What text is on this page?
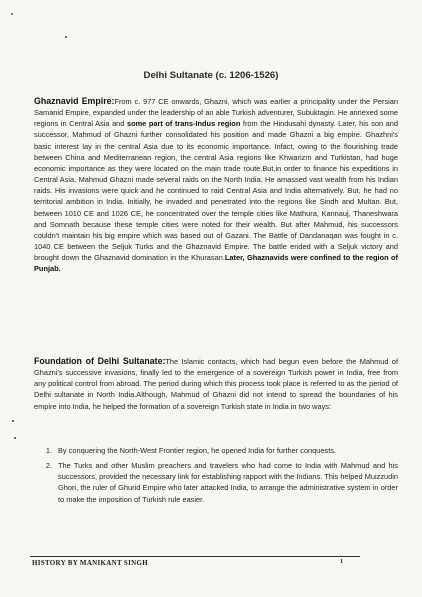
Delhi Sultanate (c. 1206-1526)
Ghaznavid Empire:From c. 977 CE onwards, Ghazni, which was earlier a principality under the Persian Samanid Empire, expanded under the leadership of an able Turkish adventurer, Subuktagin. He annexed some regions in Central Asia and some part of trans-Indus region from the Hindusahi dynasty. Later, his son and successor, Mahmud of Ghazni further consolidated his position and made Ghazni a big empire. Ghazhni's basic interest lay in the central Asia due to its economic importance. Infact, owing to the flourishing trade between China and Mediterranean region, the central Asia regions like Khwarizm and Turkistan, had huge economic importance as they were located on the main trade route.But,in order to finance his expeditions in Central Asia, Mahmud Ghazni made several raids on the North India. He amassed vast wealth from his Indian raids. His invasions were quick and he continued to raid Central Asia and India alternatively. But, he had no territorial ambition in India. Initially, he invaded and penetrated into the regions like Sindh and Multan. But, between 1010 CE and 1026 CE, he concentrated over the temple cities like Mathura, Kannauj, Thaneshwara and Somnath because these temple cities were noted for their wealth. But after Mahmud, his successors couldn't maintain his big empire which was based out of Gazani. The Battle of Dandanaqan was fought in c. 1040 CE between the Seljuk Turks and the Ghaznavid Empire. The battle ended with a Seljuk victory and brought down the Ghaznavid domination in the Khurasan.Later, Ghaznavids were confined to the region of Punjab.
Foundation of Delhi Sultanate:The Islamic contacts, which had begun even before the Mahmud of Ghazni's successive invasions, finally led to the emergence of a sovereign Turkish power in India, free from any political control from abroad. The period during which this process took place is referred to as the period of Delhi sultanate in North India.Although, Mahmud of Ghazni did not intend to spread the boundaries of his empire into India, he helped the formation of a sovereign Turkish state in India in two ways:
1. By conquering the North-West Frontier region, he opened India for further conquests.
2. The Turks and other Muslim preachers and travelers who had come to India with Mahmud and his successors, provided the necessary link for establishing rapport with the Indians. This helped Muizzudin Ghori, the ruler of Ghurid Empire who later attacked India, to arrange the administrative system in order to make the imposition of Turkish rule easier.
HISTORY BY MANIKANT SINGH	1
